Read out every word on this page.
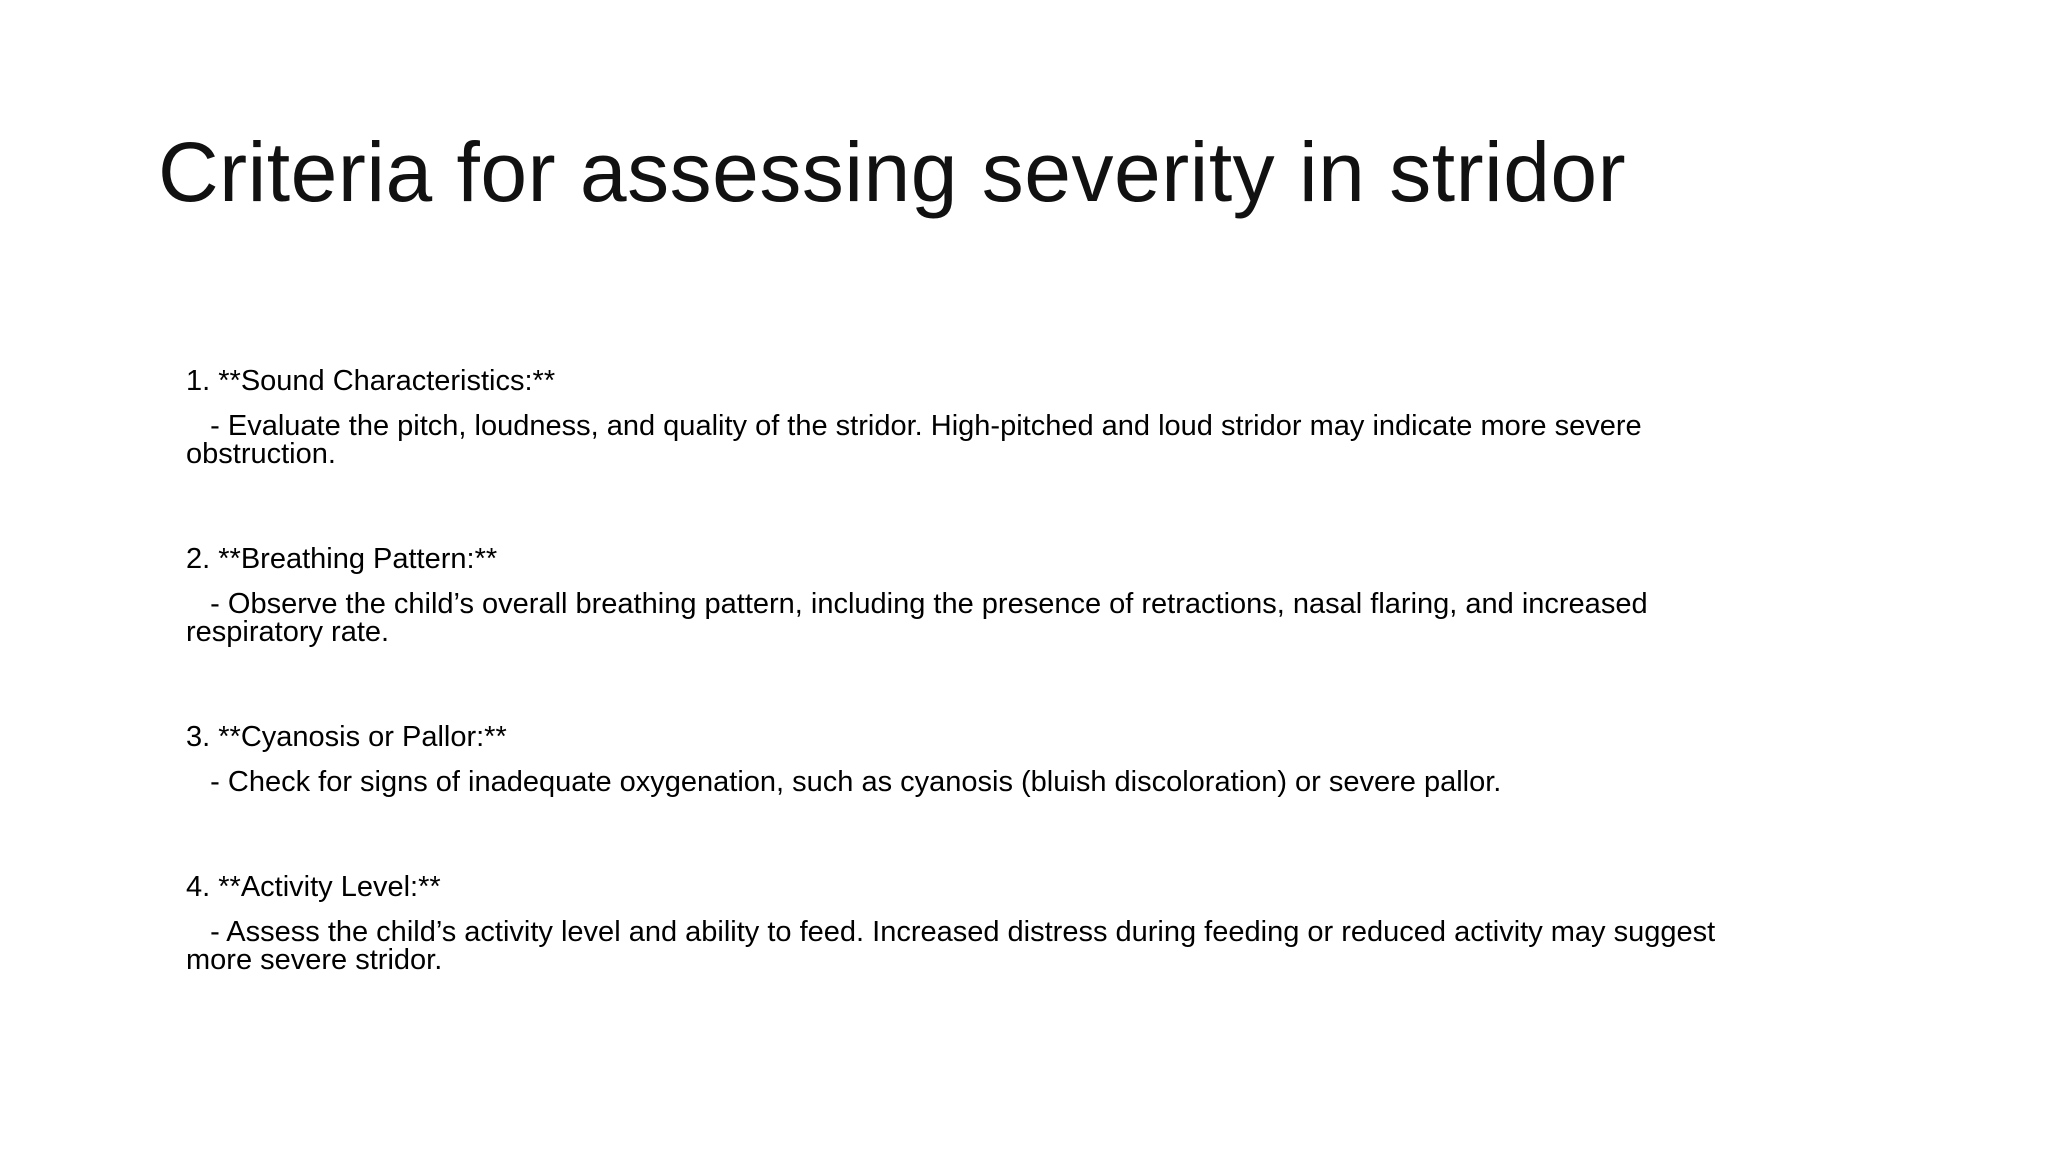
Criteria for assessing severity in stridor

1. **Sound Characteristics:**

- Evaluate the pitch, loudness, and quality of the stridor. High-pitched and loud stridor may indicate more severe
obstruction.

2. **Breathing Pattern:**

- Observe the child’s overall breathing pattern, including the presence of retractions, nasal flaring, and increased
respiratory rate.

3. **Cyanosis or Pallor:**

- Check for signs of inadequate oxygenation, such as cyanosis (bluish discoloration) or severe pallor.

4. **Activity Level:**

- Assess the child’s activity level and ability to feed. Increased distress during feeding or reduced activity may suggest
more severe stridor.
